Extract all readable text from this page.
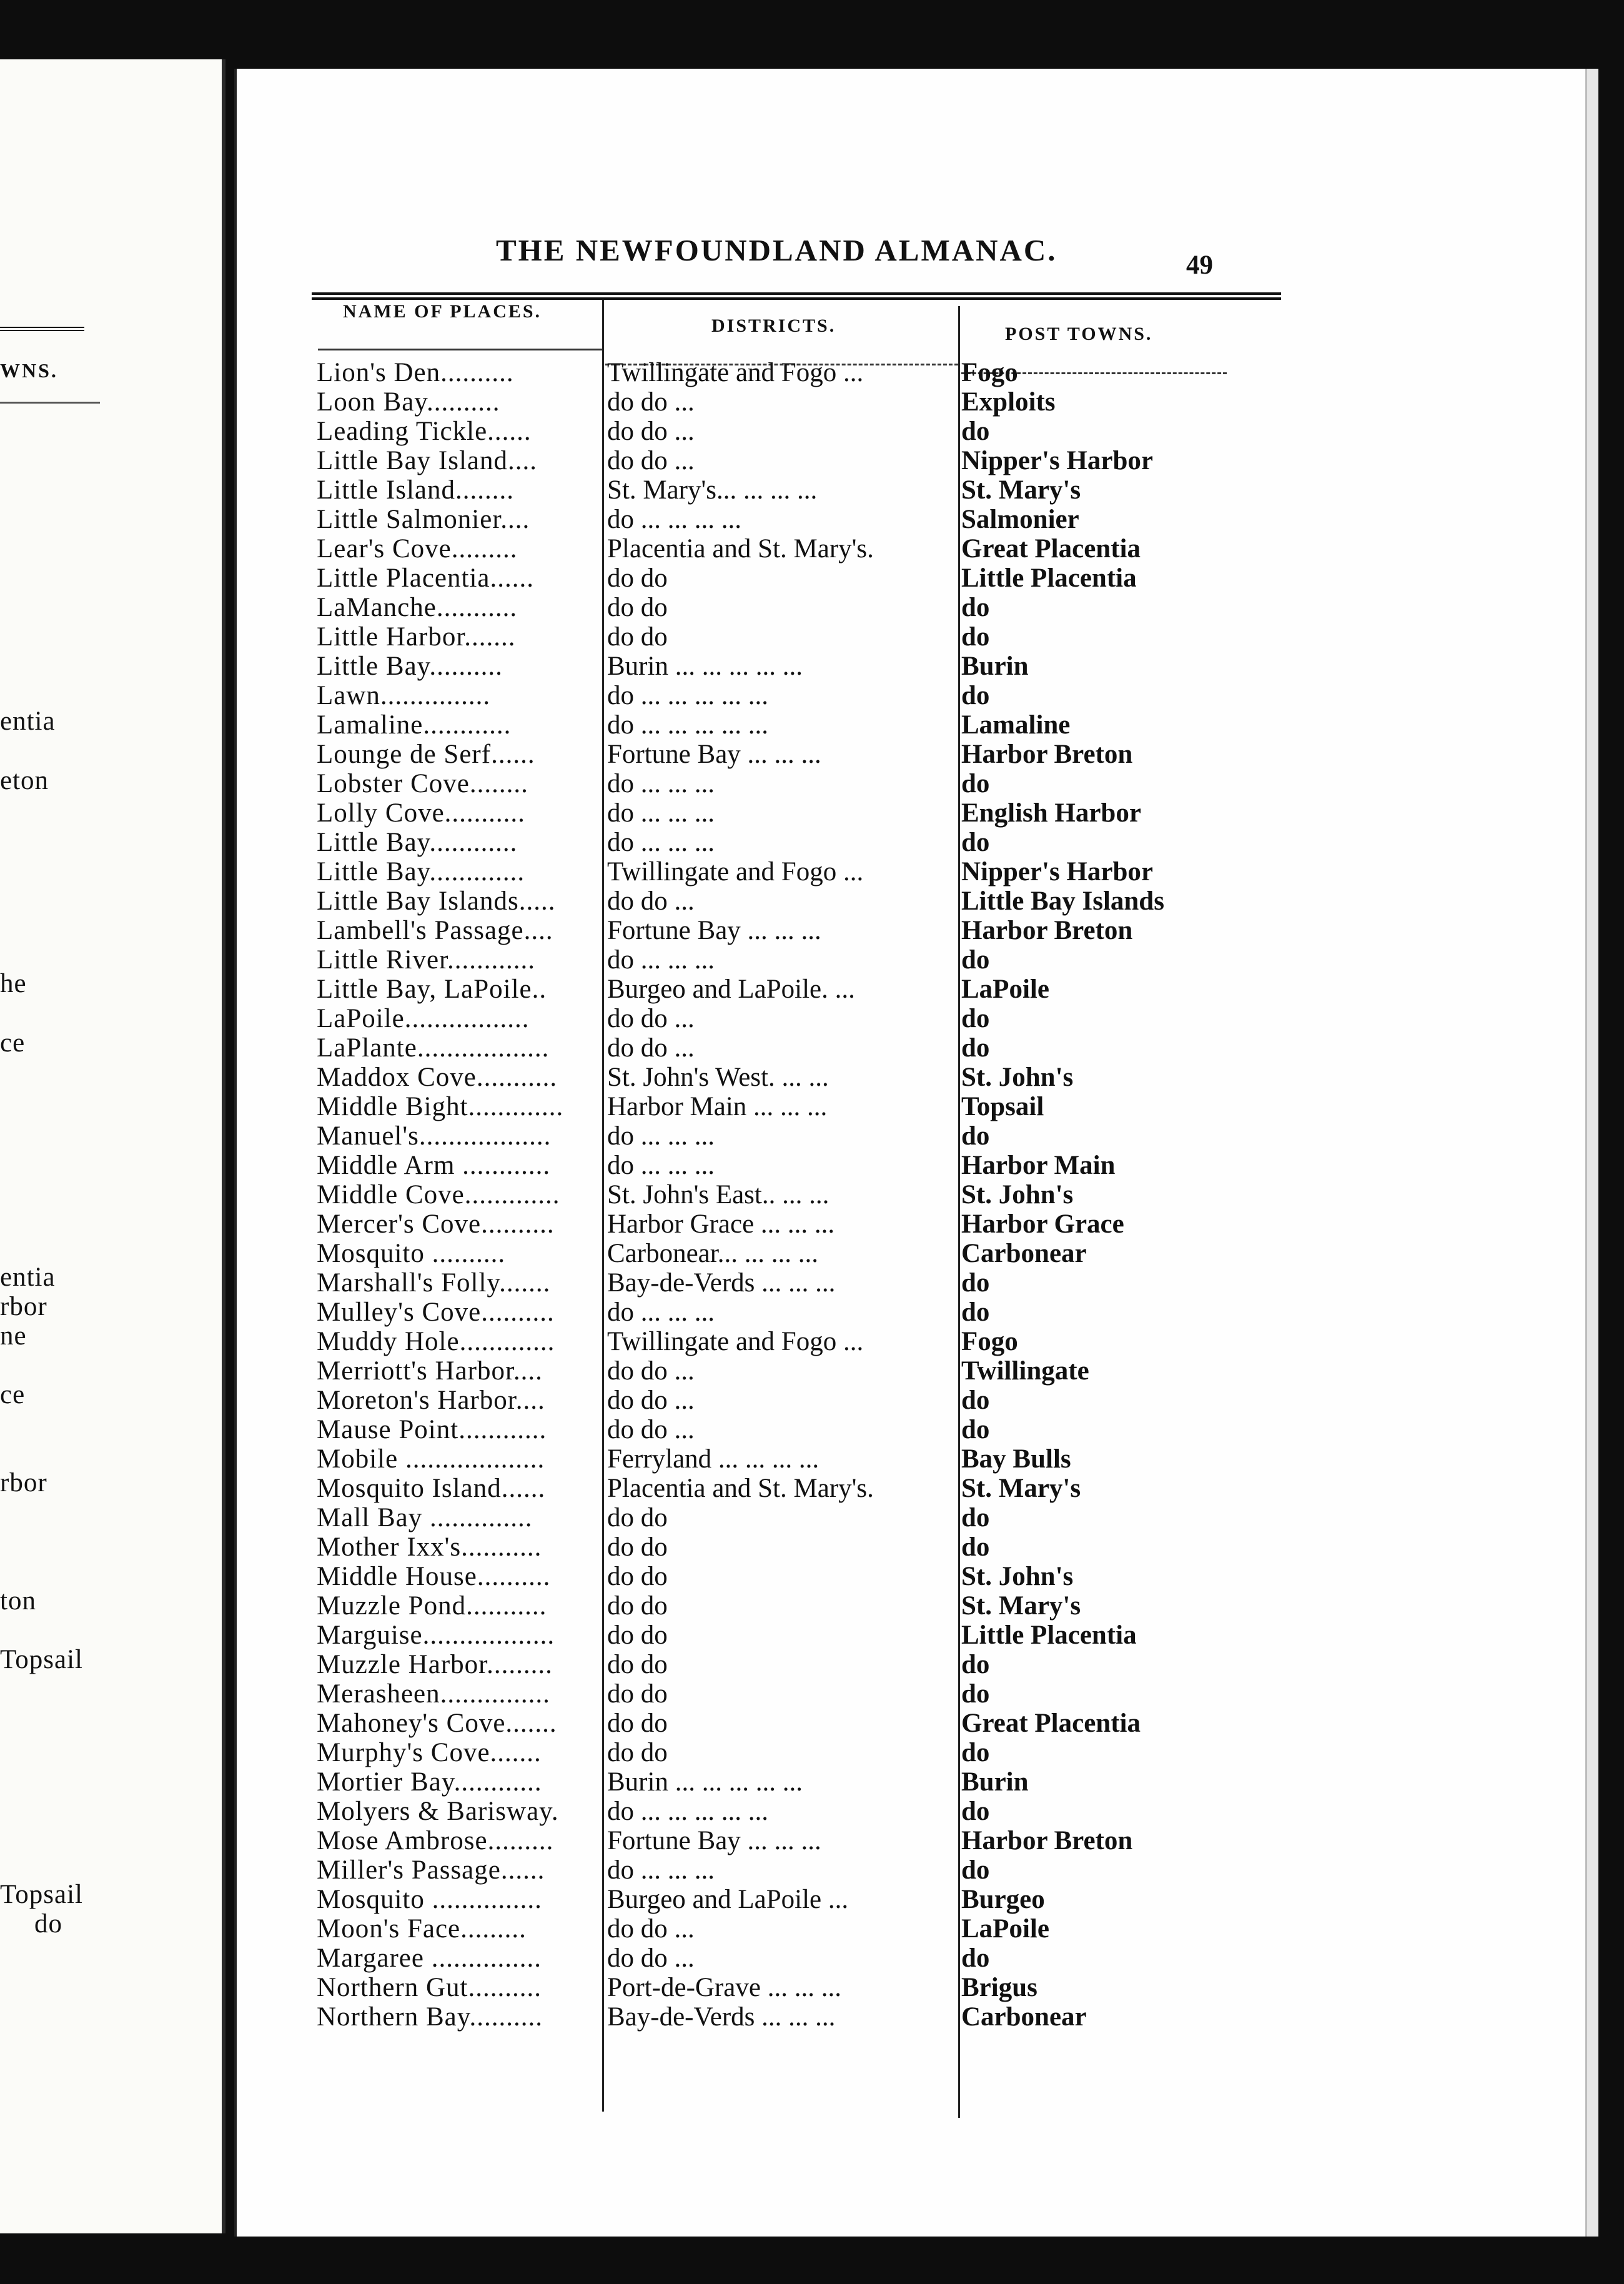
WNS.
entia
eton
he
ce
entia
rbor
ne
ce
rbor
ton
Topsail
Topsail
do
THE NEWFOUNDLAND ALMANAC.	49
NAME OF PLACES.
DISTRICTS.	POST TOWNS.
Lion's Den..........	Twillingate and Fogo ...	Fogo
Loon Bay..........	do do ...	Exploits
Leading Tickle......	do do ...	do
Little Bay Island....	do do ...	Nipper's Harbor
Little Island........	St. Mary's... ... ... ...	St. Mary's
Little Salmonier....	do ... ... ... ...	Salmonier
Lear's Cove.........	Placentia and St. Mary's.	Great Placentia
Little Placentia......	do do	Little Placentia
LaManche...........	do do	do
Little Harbor.......	do do	do
Little Bay..........	Burin ... ... ... ... ...	Burin
Lawn...............	do ... ... ... ... ...	do
Lamaline............	do ... ... ... ... ...	Lamaline
Lounge de Serf......	Fortune Bay ... ... ...	Harbor Breton
Lobster Cove........	do ... ... ...	do
Lolly Cove...........	do ... ... ...	English Harbor
Little Bay............	do ... ... ...	do
Little Bay.............	Twillingate and Fogo ...	Nipper's Harbor
Little Bay Islands.....	do do ...	Little Bay Islands
Lambell's Passage....	Fortune Bay ... ... ...	Harbor Breton
Little River............	do ... ... ...	do
Little Bay, LaPoile..	Burgeo and LaPoile. ...	LaPoile
LaPoile.................	do do ...	do
LaPlante..................	do do ...	do
Maddox Cove...........	St. John's West. ... ...	St. John's
Middle Bight.............	Harbor Main ... ... ...	Topsail
Manuel's..................	do ... ... ...	do
Middle Arm ............	do ... ... ...	Harbor Main
Middle Cove.............	St. John's East.. ... ...	St. John's
Mercer's Cove..........	Harbor Grace ... ... ...	Harbor Grace
Mosquito ..........	Carbonear... ... ... ...	Carbonear
Marshall's Folly.......	Bay-de-Verds ... ... ...	do
Mulley's Cove..........	do ... ... ...	do
Muddy Hole.............	Twillingate and Fogo ...	Fogo
Merriott's Harbor....	do do ...	Twillingate
Moreton's Harbor....	do do ...	do
Mause Point............	do do ...	do
Mobile ...................	Ferryland ... ... ... ...	Bay Bulls
Mosquito Island......	Placentia and St. Mary's.	St. Mary's
Mall Bay ..............	do do	do
Mother Ixx's...........	do do	do
Middle House..........	do do	St. John's
Muzzle Pond...........	do do	St. Mary's
Marguise..................	do do	Little Placentia
Muzzle Harbor.........	do do	do
Merasheen...............	do do	do
Mahoney's Cove.......	do do	Great Placentia
Murphy's Cove.......	do do	do
Mortier Bay............	Burin ... ... ... ... ...	Burin
Molyers & Barisway.	do ... ... ... ... ...	do
Mose Ambrose.........	Fortune Bay ... ... ...	Harbor Breton
Miller's Passage......	do ... ... ...	do
Mosquito ...............	Burgeo and LaPoile ...	Burgeo
Moon's Face.........	do do ...	LaPoile
Margaree ...............	do do ...	do
Northern Gut..........	Port-de-Grave ... ... ...	Brigus
Northern Bay..........	Bay-de-Verds ... ... ...	Carbonear
